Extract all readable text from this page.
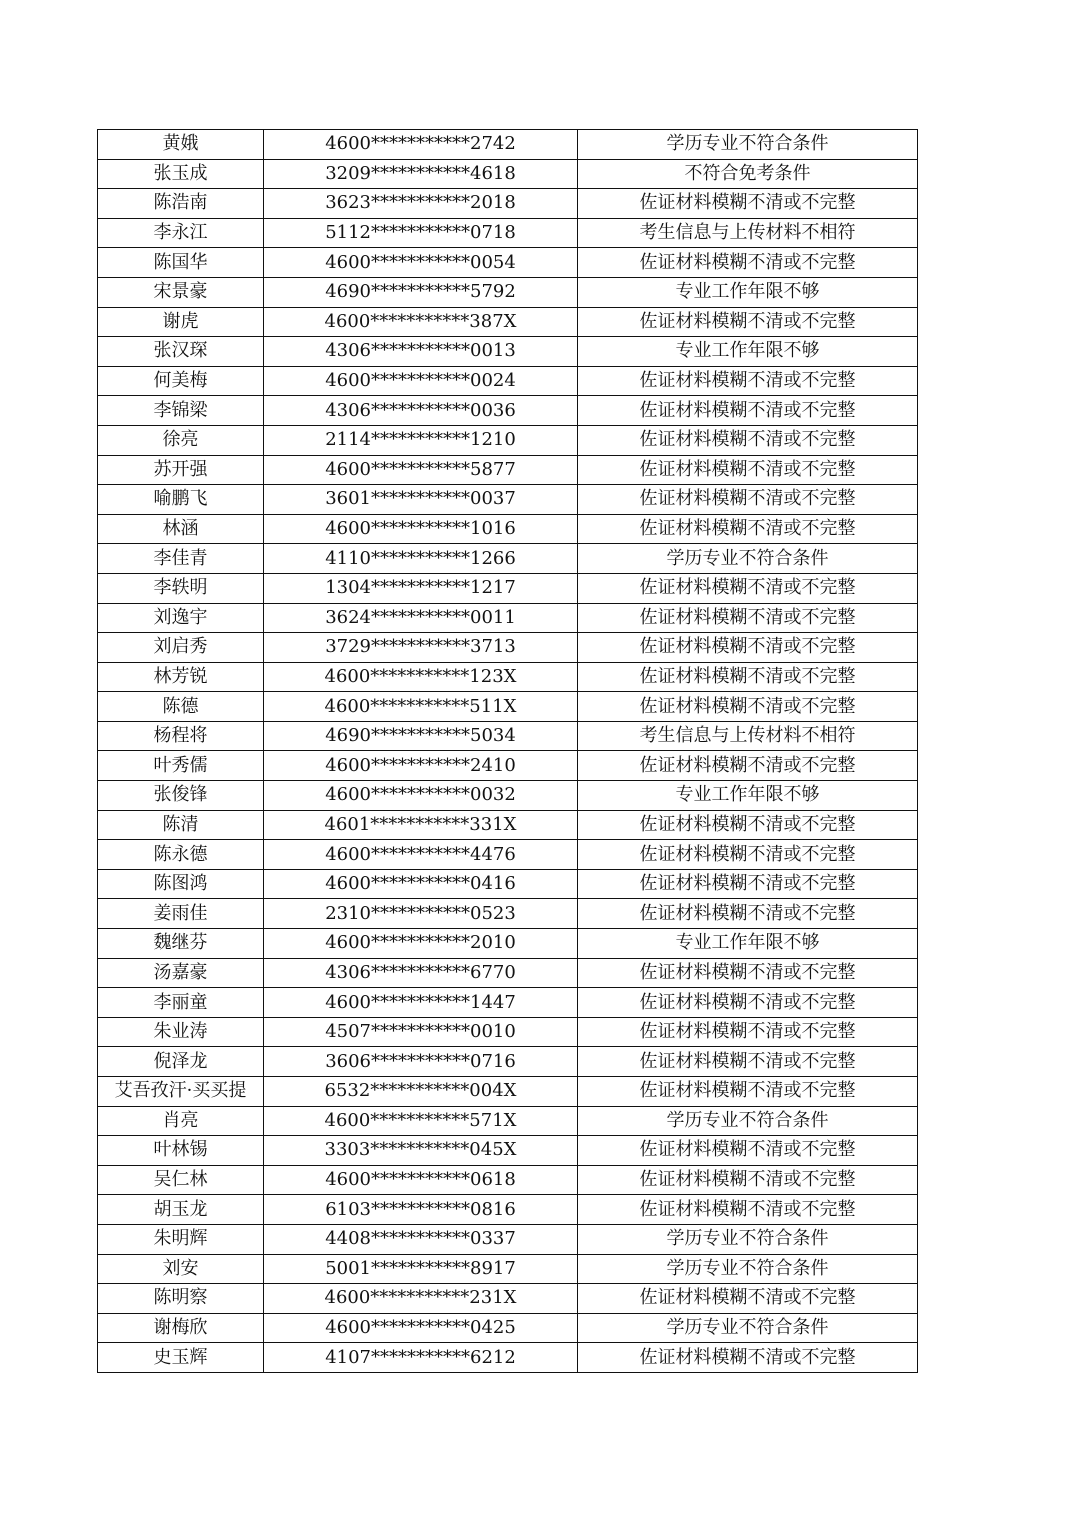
黄娥	4600***********2742	学历专业不符合条件
张玉成	3209***********4618	不符合免考条件
陈浩南	3623***********2018	佐证材料模糊不清或不完整
李永江	5112***********0718	考生信息与上传材料不相符
陈国华	4600***********0054	佐证材料模糊不清或不完整
宋景豪	4690***********5792	专业工作年限不够
谢虎	4600***********387X	佐证材料模糊不清或不完整
张汉琛	4306***********0013	专业工作年限不够
何美梅	4600***********0024	佐证材料模糊不清或不完整
李锦梁	4306***********0036	佐证材料模糊不清或不完整
徐亮	2114***********1210	佐证材料模糊不清或不完整
苏开强	4600***********5877	佐证材料模糊不清或不完整
喻鹏飞	3601***********0037	佐证材料模糊不清或不完整
林涵	4600***********1016	佐证材料模糊不清或不完整
李佳青	4110***********1266	学历专业不符合条件
李轶明	1304***********1217	佐证材料模糊不清或不完整
刘逸宇	3624***********0011	佐证材料模糊不清或不完整
刘启秀	3729***********3713	佐证材料模糊不清或不完整
林芳锐	4600***********123X	佐证材料模糊不清或不完整
陈德	4600***********511X	佐证材料模糊不清或不完整
杨程将	4690***********5034	考生信息与上传材料不相符
叶秀儒	4600***********2410	佐证材料模糊不清或不完整
张俊锋	4600***********0032	专业工作年限不够
陈清	4601***********331X	佐证材料模糊不清或不完整
陈永德	4600***********4476	佐证材料模糊不清或不完整
陈图鸿	4600***********0416	佐证材料模糊不清或不完整
姜雨佳	2310***********0523	佐证材料模糊不清或不完整
魏继芬	4600***********2010	专业工作年限不够
汤嘉豪	4306***********6770	佐证材料模糊不清或不完整
李丽童	4600***********1447	佐证材料模糊不清或不完整
朱业涛	4507***********0010	佐证材料模糊不清或不完整
倪泽龙	3606***********0716	佐证材料模糊不清或不完整
艾吾孜汗·买买提	6532***********004X	佐证材料模糊不清或不完整
肖亮	4600***********571X	学历专业不符合条件
叶林锡	3303***********045X	佐证材料模糊不清或不完整
吴仁林	4600***********0618	佐证材料模糊不清或不完整
胡玉龙	6103***********0816	佐证材料模糊不清或不完整
朱明辉	4408***********0337	学历专业不符合条件
刘安	5001***********8917	学历专业不符合条件
陈明察	4600***********231X	佐证材料模糊不清或不完整
谢梅欣	4600***********0425	学历专业不符合条件
史玉辉	4107***********6212	佐证材料模糊不清或不完整
